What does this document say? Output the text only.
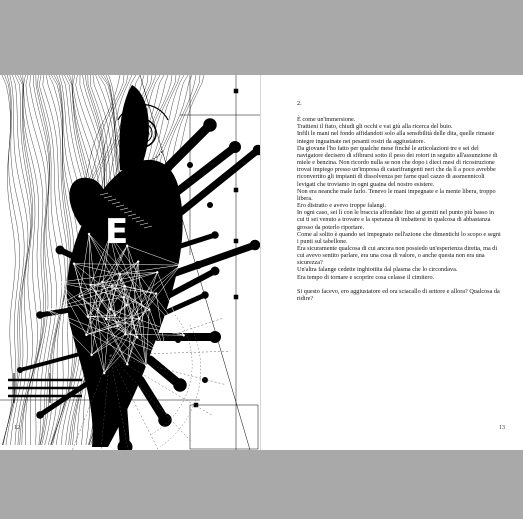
E
12

2.

È come un'immersione.

Trattieni il fiato, chiudi gli occhi e vai giù alla ricerca del buio.

Infili le mani nel fondo affidandoti solo alla sensibilità delle dita, quelle rimaste integre inguainate nei pesanti rostri da aggiustatore.

Da giovane l'ho fatto per qualche mese finché le articolazioni tre e sei del navigatore decisero di sfibrarsi sotto il peso dei rotori in seguito all'assunzione di miele e benzina. Non ricordo nulla se non che dopo i dieci mesi di ricostruzione trovai impiego presso un'impresa di catarifrangenti neri che da lì a poco avrebbe riconvertito gli impianti di dissolvenza per farne quel cazzo di assmennicoli levigati che troviamo in ogni guaina del nostro esistere.

Non era neanche male farlo. Tenevo le mani impegnate e la mente libera, troppo libera.

Ero distratto e avevo troppe falangi.

In ogni caso, sei lì con le braccia affondate fino ai gomiti nel punto più basso in cui ti sei venuto a trovare e la speranza di imbattersi in qualcosa di abbastanza grosso da poterlo riportare.

Come al solito è quando sei impegnato nell'azione che dimentichi lo scopo e segni i punti sul tabellone.

Era sicuramente qualcosa di cui ancora non possiedo un'esperienza diretta, ma di cui avevo sentito parlare, era una cosa di valore, o anche questa non era una sicurezza?

Un'altra falange cedette inghiottita dal plasma che lo circondava.

Era tempo di tornare e scoprire cosa celasse il cimitero.

Si questo facevo, ero aggiustatore ed ora sciacallo di settore e allora? Qualcosa da ridire?

13
